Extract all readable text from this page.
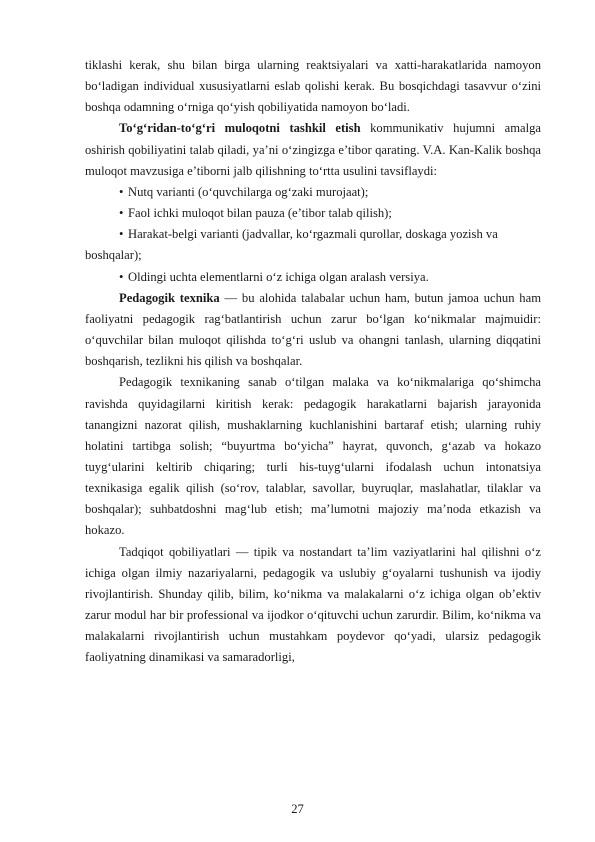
tiklashi kerak, shu bilan birga ularning reaktsiyalari va xatti-harakatlarida namoyon bo‘ladigan individual xususiyatlarni eslab qolishi kerak. Bu bosqichdagi tasavvur o‘zini boshqa odamning o‘rniga qo‘yish qobiliyatida namoyon bo‘ladi.

To‘g‘ridan-to‘g‘ri muloqotni tashkil etish kommunikativ hujumni amalga oshirish qobiliyatini talab qiladi, ya’ni o‘zingizga e’tibor qarating. V.A. Kan-Kalik boshqa muloqot mavzusiga e’tiborni jalb qilishning to‘rtta usulini tavsiflaydi:

• Nutq varianti (o‘quvchilarga og‘zaki murojaat);
• Faol ichki muloqot bilan pauza (e’tibor talab qilish);
• Harakat-belgi varianti (jadvallar, ko‘rgazmali qurollar, doskaga yozish va boshqalar);
• Oldingi uchta elementlarni o‘z ichiga olgan aralash versiya.

Pedagogik texnika — bu alohida talabalar uchun ham, butun jamoa uchun ham faoliyatni pedagogik rag‘batlantirish uchun zarur bo‘lgan ko‘nikmalar majmuidir: o‘quvchilar bilan muloqot qilishda to‘g‘ri uslub va ohangni tanlash, ularning diqqatini boshqarish, tezlikni his qilish va boshqalar.

Pedagogik texnikaning sanab o‘tilgan malaka va ko‘nikmalariga qo‘shimcha ravishda quyidagilarni kiritish kerak: pedagogik harakatlarni bajarish jarayonida tanangizni nazorat qilish, mushaklarning kuchlanishini bartaraf etish; ularning ruhiy holatini tartibga solish; “buyurtma bo‘yicha” hayrat, quvonch, g‘azab va hokazo tuyg‘ularini keltirib chiqaring; turli his-tuyg‘ularni ifodalash uchun intonatsiya texnikasiga egalik qilish (so‘rov, talablar, savollar, buyruqlar, maslahatlar, tilaklar va boshqalar); suhbatdoshni mag‘lub etish; ma’lumotni majoziy ma’noda etkazish va hokazo.

Tadqiqot qobiliyatlari — tipik va nostandart ta’lim vaziyatlarini hal qilishni o‘z ichiga olgan ilmiy nazariyalarni, pedagogik va uslubiy g‘oyalarni tushunish va ijodiy rivojlantirish. Shunday qilib, bilim, ko‘nikma va malakalarni o‘z ichiga olgan ob’ektiv zarur modul har bir professional va ijodkor o‘qituvchi uchun zarurdir. Bilim, ko‘nikma va malakalarni rivojlantirish uchun mustahkam poydevor qo‘yadi, ularsiz pedagogik faoliyatning dinamikasi va samaradorligi,

27
